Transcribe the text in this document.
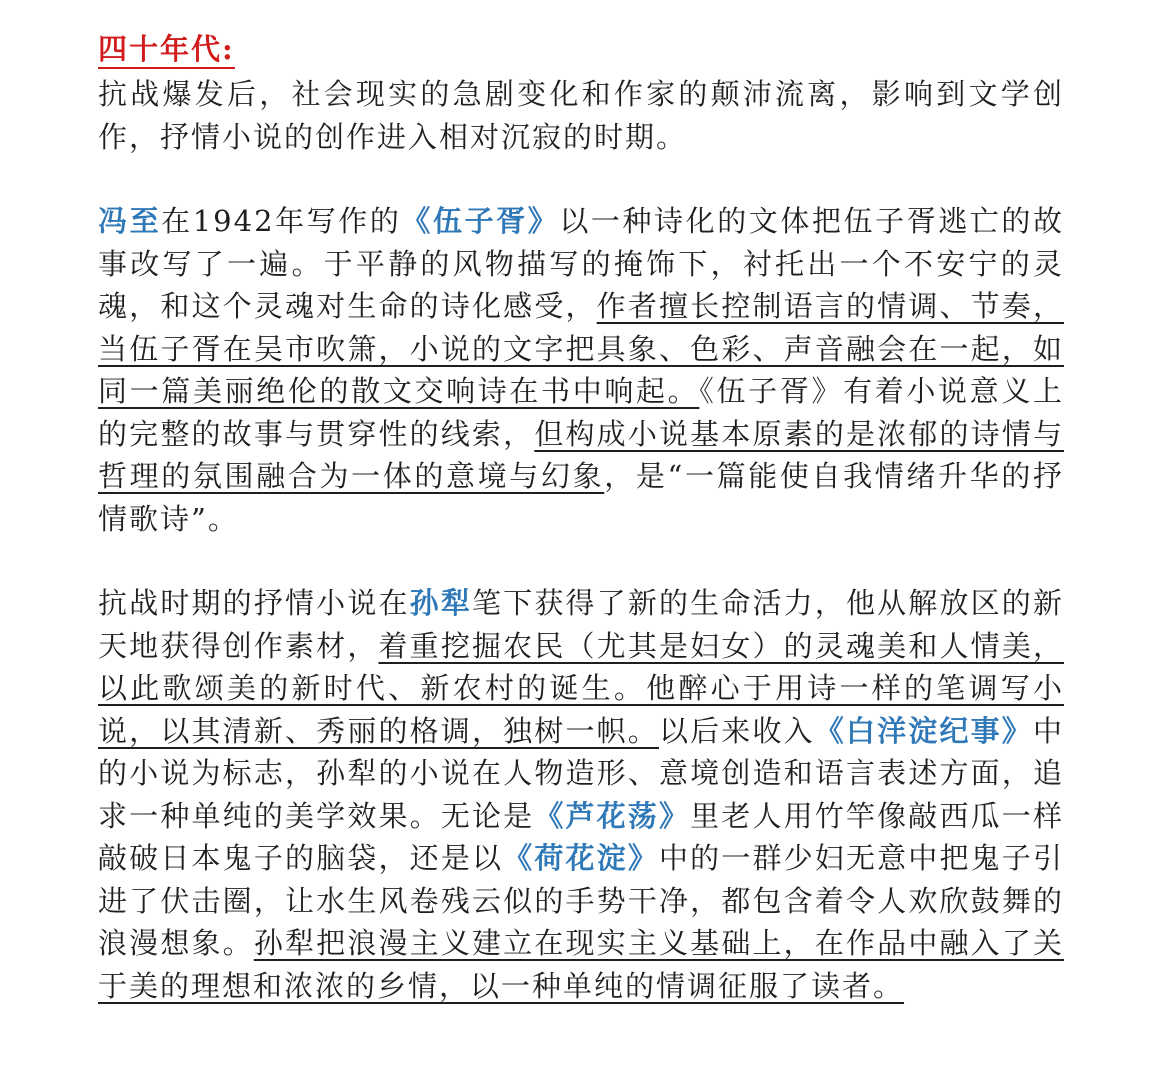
四十年代:

抗战爆发后，社会现实的急剧变化和作家的颠沛流离，影响到文学创作，抒情小说的创作进入相对沉寂的时期。

冯至在1942年写作的《伍子胥》以一种诗化的文体把伍子胥逃亡的故事改写了一遍。于平静的风物描写的掩饰下，衬托出一个不安宁的灵魂，和这个灵魂对生命的诗化感受，作者擅长控制语言的情调、节奏，当伍子胥在吴市吹箫，小说的文字把具象、色彩、声音融会在一起，如同一篇美丽绝伦的散文交响诗在书中响起。《伍子胥》有着小说意义上的完整的故事与贯穿性的线索，但构成小说基本原素的是浓郁的诗情与哲理的氛围融合为一体的意境与幻象，是“一篇能使自我情绪升华的抒情歌诗”。

抗战时期的抒情小说在孙犁笔下获得了新的生命活力，他从解放区的新天地获得创作素材，着重挖掘农民（尤其是妇女）的灵魂美和人情美，以此歌颂美的新时代、新农村的诞生。他醉心于用诗一样的笔调写小说，以其清新、秀丽的格调，独树一帜。以后来收入《白洋淀纪事》中的小说为标志，孙犁的小说在人物造形、意境创造和语言表述方面，追求一种单纯的美学效果。无论是《芦花荡》里老人用竹竿像敲西瓜一样敲破日本鬼子的脑袋，还是以《荷花淀》中的一群少妇无意中把鬼子引进了伏击圈，让水生风卷残云似的手势干净，都包含着令人欢欣鼓舞的浪漫想象。孙犁把浪漫主义建立在现实主义基础上，在作品中融入了关于美的理想和浓浓的乡情，以一种单纯的情调征服了读者。
